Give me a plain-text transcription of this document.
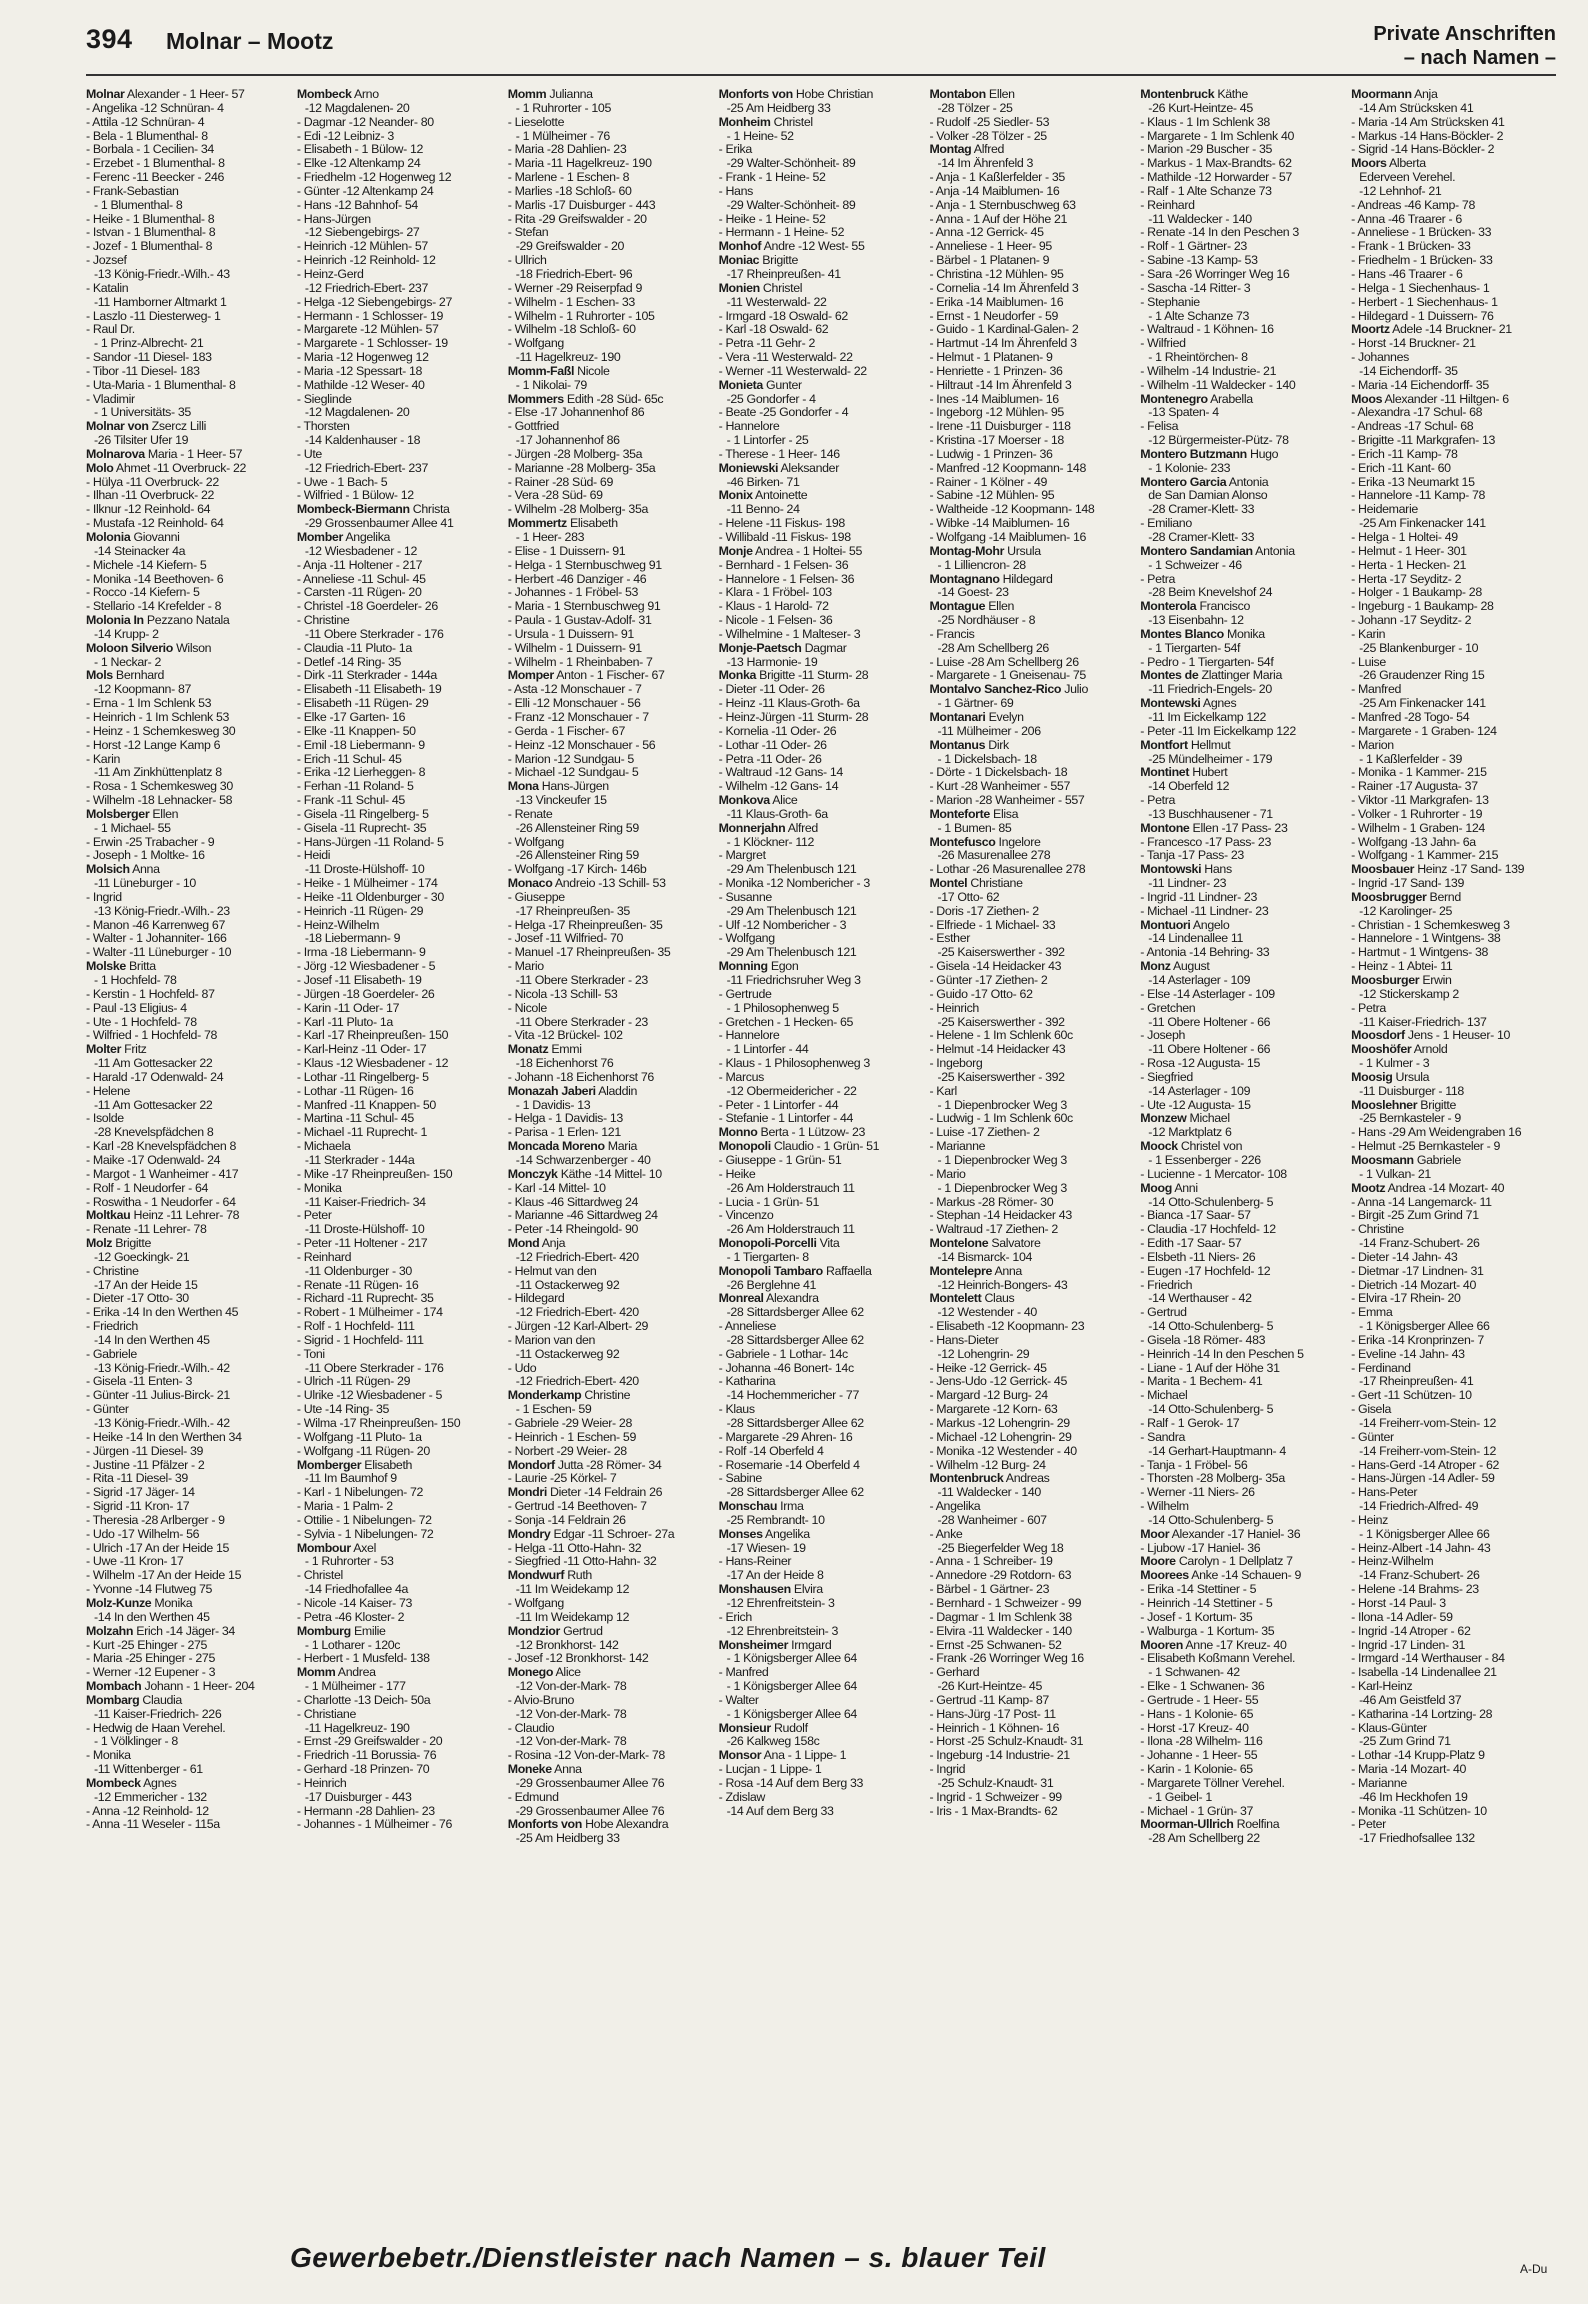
394 Molnar – Mootz	Private Anschriften
– nach Namen –
Molnar Alexander - 1 Heer- 57
- Angelika -12 Schnüran- 4
- Attila -12 Schnüran- 4
- Bela - 1 Blumenthal- 8
- Borbala - 1 Cecilien- 34
- Erzebet - 1 Blumenthal- 8
- Ferenc -11 Beecker - 246
- Frank-Sebastian
- 1 Blumenthal- 8
- Heike - 1 Blumenthal- 8
- Istvan - 1 Blumenthal- 8
- Jozef - 1 Blumenthal- 8
- Jozsef
-13 König-Friedr.-Wilh.- 43
- Katalin
-11 Hamborner Altmarkt 1
- Laszlo -11 Diesterweg- 1
- Raul Dr.
- 1 Prinz-Albrecht- 21
- Sandor -11 Diesel- 183
- Tibor -11 Diesel- 183
- Uta-Maria - 1 Blumenthal- 8
- Vladimir
- 1 Universitäts- 35
Molnar von Zsercz Lilli
-26 Tilsiter Ufer 19
Molnarova Maria - 1 Heer- 57
Molo Ahmet -11 Overbruck- 22
- Hülya -11 Overbruck- 22
- Ilhan -11 Overbruck- 22
- Ilknur -12 Reinhold- 64
- Mustafa -12 Reinhold- 64
Molonia Giovanni
-14 Steinacker 4a
- Michele -14 Kiefern- 5
- Monika -14 Beethoven- 6
- Rocco -14 Kiefern- 5
- Stellario -14 Krefelder - 8
Molonia In Pezzano Natala
-14 Krupp- 2
Moloon Silverio Wilson
- 1 Neckar- 2
Mols Bernhard
-12 Koopmann- 87
- Erna - 1 Im Schlenk 53
- Heinrich - 1 Im Schlenk 53
- Heinz - 1 Schemkesweg 30
- Horst -12 Lange Kamp 6
- Karin
-11 Am Zinkhüttenplatz 8
- Rosa - 1 Schemkesweg 30
- Wilhelm -18 Lehnacker- 58
Molsberger Ellen
- 1 Michael- 55
- Erwin -25 Trabacher - 9
- Joseph - 1 Moltke- 16
Molsich Anna
-11 Lüneburger - 10
- Ingrid
-13 König-Friedr.-Wilh.- 23
- Manon -46 Karrenweg 67
- Walter - 1 Johanniter- 166
- Walter -11 Lüneburger - 10
Molske Britta
- 1 Hochfeld- 78
- Kerstin - 1 Hochfeld- 87
- Paul -13 Eligius- 4
- Ute - 1 Hochfeld- 78
- Wilfried - 1 Hochfeld- 78
Molter Fritz
-11 Am Gottesacker 22
- Harald -17 Odenwald- 24
- Helene
-11 Am Gottesacker 22
- Isolde
-28 Knevelspfädchen 8
- Karl -28 Knevelspfädchen 8
- Maike -17 Odenwald- 24
- Margot - 1 Wanheimer - 417
- Rolf - 1 Neudorfer - 64
- Roswitha - 1 Neudorfer - 64
Moltkau Heinz -11 Lehrer- 78
- Renate -11 Lehrer- 78
Molz Brigitte
-12 Goeckingk- 21
- Christine
-17 An der Heide 15
- Dieter -17 Otto- 30
- Erika -14 In den Werthen 45
- Friedrich
-14 In den Werthen 45
- Gabriele
-13 König-Friedr.-Wilh.- 42
- Gisela -11 Enten- 3
- Günter -11 Julius-Birck- 21
- Günter
-13 König-Friedr.-Wilh.- 42
- Heike -14 In den Werthen 34
- Jürgen -11 Diesel- 39
- Justine -11 Pfälzer - 2
- Rita -11 Diesel- 39
- Sigrid -17 Jäger- 14
- Sigrid -11 Kron- 17
- Theresia -28 Arlberger - 9
- Udo -17 Wilhelm- 56
- Ulrich -17 An der Heide 15
- Uwe -11 Kron- 17
- Wilhelm -17 An der Heide 15
- Yvonne -14 Flutweg 75
Molz-Kunze Monika
-14 In den Werthen 45
Molzahn Erich -14 Jäger- 34
- Kurt -25 Ehinger - 275
- Maria -25 Ehinger - 275
- Werner -12 Eupener - 3
Mombach Johann - 1 Heer- 204
Mombarg Claudia
-11 Kaiser-Friedrich- 226
- Hedwig de Haan Verehel.
- 1 Völklinger - 8
- Monika
-11 Wittenberger - 61
Mombeck Agnes
-12 Emmericher - 132
- Anna -12 Reinhold- 12
- Anna -11 Weseler - 115a
Mombeck Arno
-12 Magdalenen- 20
- Dagmar -12 Neander- 80
- Edi -12 Leibniz- 3
- Elisabeth - 1 Bülow- 12
- Elke -12 Altenkamp 24
- Friedhelm -12 Hogenweg 12
- Günter -12 Altenkamp 24
- Hans -12 Bahnhof- 54
- Hans-Jürgen
-12 Siebengebirgs- 27
- Heinrich -12 Mühlen- 57
- Heinrich -12 Reinhold- 12
- Heinz-Gerd
-12 Friedrich-Ebert- 237
- Helga -12 Siebengebirgs- 27
- Hermann - 1 Schlosser- 19
- Margarete -12 Mühlen- 57
- Margarete - 1 Schlosser- 19
- Maria -12 Hogenweg 12
- Maria -12 Spessart- 18
- Mathilde -12 Weser- 40
- Sieglinde
-12 Magdalenen- 20
- Thorsten
-14 Kaldenhauser - 18
- Ute
-12 Friedrich-Ebert- 237
- Uwe - 1 Bach- 5
- Wilfried - 1 Bülow- 12
Mombeck-Biermann Christa
-29 Grossenbaumer Allee 41
Momber Angelika
-12 Wiesbadener - 12
- Anja -11 Holtener - 217
- Anneliese -11 Schul- 45
- Carsten -11 Rügen- 20
- Christel -18 Goerdeler- 26
- Christine
-11 Obere Sterkrader - 176
- Claudia -11 Pluto- 1a
- Detlef -14 Ring- 35
- Dirk -11 Sterkrader - 144a
- Elisabeth -11 Elisabeth- 19
- Elisabeth -11 Rügen- 29
- Elke -17 Garten- 16
- Elke -11 Knappen- 50
- Emil -18 Liebermann- 9
- Erich -11 Schul- 45
- Erika -12 Lierheggen- 8
- Ferhan -11 Roland- 5
- Frank -11 Schul- 45
- Gisela -11 Ringelberg- 5
- Gisela -11 Ruprecht- 35
- Hans-Jürgen -11 Roland- 5
- Heidi
-11 Droste-Hülshoff- 10
- Heike - 1 Mülheimer - 174
- Heike -11 Oldenburger - 30
- Heinrich -11 Rügen- 29
- Heinz-Wilhelm
-18 Liebermann- 9
- Irma -18 Liebermann- 9
- Jörg -12 Wiesbadener - 5
- Josef -11 Elisabeth- 19
- Jürgen -18 Goerdeler- 26
- Karin -11 Oder- 17
- Karl -11 Pluto- 1a
- Karl -17 Rheinpreußen- 150
- Karl-Heinz -11 Oder- 17
- Klaus -12 Wiesbadener - 12
- Lothar -11 Ringelberg- 5
- Lothar -11 Rügen- 16
- Manfred -11 Knappen- 50
- Martina -11 Schul- 45
- Michael -11 Ruprecht- 1
- Michaela
-11 Sterkrader - 144a
- Mike -17 Rheinpreußen- 150
- Monika
-11 Kaiser-Friedrich- 34
- Peter
-11 Droste-Hülshoff- 10
- Peter -11 Holtener - 217
- Reinhard
-11 Oldenburger - 30
- Renate -11 Rügen- 16
- Richard -11 Ruprecht- 35
- Robert - 1 Mülheimer - 174
- Rolf - 1 Hochfeld- 111
- Sigrid - 1 Hochfeld- 111
- Toni
-11 Obere Sterkrader - 176
- Ulrich -11 Rügen- 29
- Ulrike -12 Wiesbadener - 5
- Ute -14 Ring- 35
- Wilma -17 Rheinpreußen- 150
- Wolfgang -11 Pluto- 1a
- Wolfgang -11 Rügen- 20
Momberger Elisabeth
-11 Im Baumhof 9
- Karl - 1 Nibelungen- 72
- Maria - 1 Palm- 2
- Ottilie - 1 Nibelungen- 72
- Sylvia - 1 Nibelungen- 72
Mombour Axel
- 1 Ruhrorter - 53
- Christel
-14 Friedhofallee 4a
- Nicole -14 Kaiser- 73
- Petra -46 Kloster- 2
Momburg Emilie
- 1 Lotharer - 120c
- Herbert - 1 Musfeld- 138
Momm Andrea
- 1 Mülheimer - 177
- Charlotte -13 Deich- 50a
- Christiane
-11 Hagelkreuz- 190
- Ernst -29 Greifswalder - 20
- Friedrich -11 Borussia- 76
- Gerhard -18 Prinzen- 70
- Heinrich
-17 Duisburger - 443
- Hermann -28 Dahlien- 23
- Johannes - 1 Mülheimer - 76
Momm Julianna
- 1 Ruhrorter - 105
- Lieselotte
- 1 Mülheimer - 76
- Maria -28 Dahlien- 23
- Maria -11 Hagelkreuz- 190
- Marlene - 1 Eschen- 8
- Marlies -18 Schloß- 60
- Marlis -17 Duisburger - 443
- Rita -29 Greifswalder - 20
- Stefan
-29 Greifswalder - 20
- Ullrich
-18 Friedrich-Ebert- 96
- Werner -29 Reiserpfad 9
- Wilhelm - 1 Eschen- 33
- Wilhelm - 1 Ruhrorter - 105
- Wilhelm -18 Schloß- 60
- Wolfgang
-11 Hagelkreuz- 190
Momm-Faßl Nicole
- 1 Nikolai- 79
Mommers Edith -28 Süd- 65c
- Else -17 Johannenhof 86
- Gottfried
-17 Johannenhof 86
- Jürgen -28 Molberg- 35a
- Marianne -28 Molberg- 35a
- Rainer -28 Süd- 69
- Vera -28 Süd- 69
- Wilhelm -28 Molberg- 35a
Mommertz Elisabeth
- 1 Heer- 283
- Elise - 1 Duissern- 91
- Helga - 1 Sternbuschweg 91
- Herbert -46 Danziger - 46
- Johannes - 1 Fröbel- 53
- Maria - 1 Sternbuschweg 91
- Paula - 1 Gustav-Adolf- 31
- Ursula - 1 Duissern- 91
- Wilhelm - 1 Duissern- 91
- Wilhelm - 1 Rheinbaben- 7
Momper Anton - 1 Fischer- 67
- Asta -12 Monschauer - 7
- Elli -12 Monschauer - 56
- Franz -12 Monschauer - 7
- Gerda - 1 Fischer- 67
- Heinz -12 Monschauer - 56
- Marion -12 Sundgau- 5
- Michael -12 Sundgau- 5
Mona Hans-Jürgen
-13 Vinckeufer 15
- Renate
-26 Allensteiner Ring 59
- Wolfgang
-26 Allensteiner Ring 59
- Wolfgang -17 Kirch- 146b
Monaco Andreio -13 Schill- 53
- Giuseppe
-17 Rheinpreußen- 35
- Helga -17 Rheinpreußen- 35
- Josef -11 Wilfried- 70
- Manuel -17 Rheinpreußen- 35
- Mario
-11 Obere Sterkrader - 23
- Nicola -13 Schill- 53
- Nicole
-11 Obere Sterkrader - 23
- Vita -12 Brückel- 102
Monatz Emmi
-18 Eichenhorst 76
- Johann -18 Eichenhorst 76
Monazah Jaberi Aladdin
- 1 Davidis- 13
- Helga - 1 Davidis- 13
- Parisa - 1 Erlen- 121
Moncada Moreno Maria
-14 Schwarzenberger - 40
Monczyk Käthe -14 Mittel- 10
- Karl -14 Mittel- 10
- Klaus -46 Sittardweg 24
- Marianne -46 Sittardweg 24
- Peter -14 Rheingold- 90
Mond Anja
-12 Friedrich-Ebert- 420
- Helmut van den
-11 Ostackerweg 92
- Hildegard
-12 Friedrich-Ebert- 420
- Jürgen -12 Karl-Albert- 29
- Marion van den
-11 Ostackerweg 92
- Udo
-12 Friedrich-Ebert- 420
Monderkamp Christine
- 1 Eschen- 59
- Gabriele -29 Weier- 28
- Heinrich - 1 Eschen- 59
- Norbert -29 Weier- 28
Mondorf Jutta -28 Römer- 34
- Laurie -25 Körkel- 7
Mondri Dieter -14 Feldrain 26
- Gertrud -14 Beethoven- 7
- Sonja -14 Feldrain 26
Mondry Edgar -11 Schroer- 27a
- Helga -11 Otto-Hahn- 32
- Siegfried -11 Otto-Hahn- 32
Mondwurf Ruth
-11 Im Weidekamp 12
- Wolfgang
-11 Im Weidekamp 12
Mondzior Gertrud
-12 Bronkhorst- 142
- Josef -12 Bronkhorst- 142
Monego Alice
-12 Von-der-Mark- 78
- Alvio-Bruno
-12 Von-der-Mark- 78
- Claudio
-12 Von-der-Mark- 78
- Rosina -12 Von-der-Mark- 78
Moneke Anna
-29 Grossenbaumer Allee 76
- Edmund
-29 Grossenbaumer Allee 76
Monforts von Hobe Alexandra
-25 Am Heidberg 33
Monforts von Hobe Christian
-25 Am Heidberg 33
Monheim Christel
- 1 Heine- 52
- Erika
-29 Walter-Schönheit- 89
- Frank - 1 Heine- 52
- Hans
-29 Walter-Schönheit- 89
- Heike - 1 Heine- 52
- Hermann - 1 Heine- 52
Monhof Andre -12 West- 55
Moniac Brigitte
-17 Rheinpreußen- 41
Monien Christel
-11 Westerwald- 22
- Irmgard -18 Oswald- 62
- Karl -18 Oswald- 62
- Petra -11 Gehr- 2
- Vera -11 Westerwald- 22
- Werner -11 Westerwald- 22
Monieta Gunter
-25 Gondorfer - 4
- Beate -25 Gondorfer - 4
- Hannelore
- 1 Lintorfer - 25
- Therese - 1 Heer- 146
Moniewski Aleksander
-46 Birken- 71
Monix Antoinette
-11 Benno- 24
- Helene -11 Fiskus- 198
- Willibald -11 Fiskus- 198
Monje Andrea - 1 Holtei- 55
- Bernhard - 1 Felsen- 36
- Hannelore - 1 Felsen- 36
- Klara - 1 Fröbel- 103
- Klaus - 1 Harold- 72
- Nicole - 1 Felsen- 36
- Wilhelmine - 1 Malteser- 3
Monje-Paetsch Dagmar
-13 Harmonie- 19
Monka Brigitte -11 Sturm- 28
- Dieter -11 Oder- 26
- Heinz -11 Klaus-Groth- 6a
- Heinz-Jürgen -11 Sturm- 28
- Kornelia -11 Oder- 26
- Lothar -11 Oder- 26
- Petra -11 Oder- 26
- Waltraud -12 Gans- 14
- Wilhelm -12 Gans- 14
Monkova Alice
-11 Klaus-Groth- 6a
Monnerjahn Alfred
- 1 Klöckner- 112
- Margret
-29 Am Thelenbusch 121
- Monika -12 Nombericher - 3
- Susanne
-29 Am Thelenbusch 121
- Ulf -12 Nombericher - 3
- Wolfgang
-29 Am Thelenbusch 121
Monning Egon
-11 Friedrichsruher Weg 3
- Gertrude
- 1 Philosophenweg 5
- Gretchen - 1 Hecken- 65
- Hannelore
- 1 Lintorfer - 44
- Klaus - 1 Philosophenweg 3
- Marcus
-12 Obermeidericher - 22
- Peter - 1 Lintorfer - 44
- Stefanie - 1 Lintorfer - 44
Monno Berta - 1 Lützow- 23
Monopoli Claudio - 1 Grün- 51
- Giuseppe - 1 Grün- 51
- Heike
-26 Am Holderstrauch 11
- Lucia - 1 Grün- 51
- Vincenzo
-26 Am Holderstrauch 11
Monopoli-Porcelli Vita
- 1 Tiergarten- 8
Monopoli Tambaro Raffaella
-26 Berglehne 41
Monreal Alexandra
-28 Sittardsberger Allee 62
- Anneliese
-28 Sittardsberger Allee 62
- Gabriele - 1 Lothar- 14c
- Johanna -46 Bonert- 14c
- Katharina
-14 Hochemmericher - 77
- Klaus
-28 Sittardsberger Allee 62
- Margarete -29 Ahren- 16
- Rolf -14 Oberfeld 4
- Rosemarie -14 Oberfeld 4
- Sabine
-28 Sittardsberger Allee 62
Monschau Irma
-25 Rembrandt- 10
Monses Angelika
-17 Wiesen- 19
- Hans-Reiner
-17 An der Heide 8
Monshausen Elvira
-12 Ehrenfreitstein- 3
- Erich
-12 Ehrenbreitstein- 3
Monsheimer Irmgard
- 1 Königsberger Allee 64
- Manfred
- 1 Königsberger Allee 64
- Walter
- 1 Königsberger Allee 64
Monsieur Rudolf
-26 Kalkweg 158c
Monsor Ana - 1 Lippe- 1
- Lucjan - 1 Lippe- 1
- Rosa -14 Auf dem Berg 33
- Zdislaw
-14 Auf dem Berg 33
Montabon Ellen
-28 Tölzer - 25
- Rudolf -25 Siedler- 53
- Volker -28 Tölzer - 25
Montag Alfred
-14 Im Ährenfeld 3
- Anja - 1 Kaßlerfelder - 35
- Anja -14 Maiblumen- 16
- Anja - 1 Sternbuschweg 63
- Anna - 1 Auf der Höhe 21
- Anna -12 Gerrick- 45
- Anneliese - 1 Heer- 95
- Bärbel - 1 Platanen- 9
- Christina -12 Mühlen- 95
- Cornelia -14 Im Ährenfeld 3
- Erika -14 Maiblumen- 16
- Ernst - 1 Neudorfer - 59
- Guido - 1 Kardinal-Galen- 2
- Hartmut -14 Im Ährenfeld 3
- Helmut - 1 Platanen- 9
- Henriette - 1 Prinzen- 36
- Hiltraut -14 Im Ährenfeld 3
- Ines -14 Maiblumen- 16
- Ingeborg -12 Mühlen- 95
- Irene -11 Duisburger - 118
- Kristina -17 Moerser - 18
- Ludwig - 1 Prinzen- 36
- Manfred -12 Koopmann- 148
- Rainer - 1 Kölner - 49
- Sabine -12 Mühlen- 95
- Waltheide -12 Koopmann- 148
- Wibke -14 Maiblumen- 16
- Wolfgang -14 Maiblumen- 16
Montag-Mohr Ursula
- 1 Lilliencron- 28
Montagnano Hildegard
-14 Goest- 23
Montague Ellen
-25 Nordhäuser - 8
- Francis
-28 Am Schellberg 26
- Luise -28 Am Schellberg 26
- Margarete - 1 Gneisenau- 75
Montalvo Sanchez-Rico Julio
- 1 Gärtner- 69
Montanari Evelyn
-11 Mülheimer - 206
Montanus Dirk
- 1 Dickelsbach- 18
- Dörte - 1 Dickelsbach- 18
- Kurt -28 Wanheimer - 557
- Marion -28 Wanheimer - 557
Monteforte Elisa
- 1 Bumen- 85
Montefusco Ingelore
-26 Masurenallee 278
- Lothar -26 Masurenallee 278
Montel Christiane
-17 Otto- 62
- Doris -17 Ziethen- 2
- Elfriede - 1 Michael- 33
- Esther
-25 Kaiserswerther - 392
- Gisela -14 Heidacker 43
- Günter -17 Ziethen- 2
- Guido -17 Otto- 62
- Heinrich
-25 Kaiserswerther - 392
- Helene - 1 Im Schlenk 60c
- Helmut -14 Heidacker 43
- Ingeborg
-25 Kaiserswerther - 392
- Karl
- 1 Diepenbrocker Weg 3
- Ludwig - 1 Im Schlenk 60c
- Luise -17 Ziethen- 2
- Marianne
- 1 Diepenbrocker Weg 3
- Mario
- 1 Diepenbrocker Weg 3
- Markus -28 Römer- 30
- Stephan -14 Heidacker 43
- Waltraud -17 Ziethen- 2
Montelone Salvatore
-14 Bismarck- 104
Montelepre Anna
-12 Heinrich-Bongers- 43
Montelett Claus
-12 Westender - 40
- Elisabeth -12 Koopmann- 23
- Hans-Dieter
-12 Lohengrin- 29
- Heike -12 Gerrick- 45
- Jens-Udo -12 Gerrick- 45
- Margard -12 Burg- 24
- Margarete -12 Korn- 63
- Markus -12 Lohengrin- 29
- Michael -12 Lohengrin- 29
- Monika -12 Westender - 40
- Wilhelm -12 Burg- 24
Montenbruck Andreas
-11 Waldecker - 140
- Angelika
-28 Wanheimer - 607
- Anke
-25 Biegerfelder Weg 18
- Anna - 1 Schreiber- 19
- Annedore -29 Rotdorn- 63
- Bärbel - 1 Gärtner- 23
- Bernhard - 1 Schweizer - 99
- Dagmar - 1 Im Schlenk 38
- Elvira -11 Waldecker - 140
- Ernst -25 Schwanen- 52
- Frank -26 Worringer Weg 16
- Gerhard
-26 Kurt-Heintze- 45
- Gertrud -11 Kamp- 87
- Hans-Jürg -17 Post- 11
- Heinrich - 1 Köhnen- 16
- Horst -25 Schulz-Knaudt- 31
- Ingeburg -14 Industrie- 21
- Ingrid
-25 Schulz-Knaudt- 31
- Ingrid - 1 Schweizer - 99
- Iris - 1 Max-Brandts- 62
Montenbruck Käthe
-26 Kurt-Heintze- 45
- Klaus - 1 Im Schlenk 38
- Margarete - 1 Im Schlenk 40
- Marion -29 Buscher - 35
- Markus - 1 Max-Brandts- 62
- Mathilde -12 Horwarder - 57
- Ralf - 1 Alte Schanze 73
- Reinhard
-11 Waldecker - 140
- Renate -14 In den Peschen 3
- Rolf - 1 Gärtner- 23
- Sabine -13 Kamp- 53
- Sara -26 Worringer Weg 16
- Sascha -14 Ritter- 3
- Stephanie
- 1 Alte Schanze 73
- Waltraud - 1 Köhnen- 16
- Wilfried
- 1 Rheintörchen- 8
- Wilhelm -14 Industrie- 21
- Wilhelm -11 Waldecker - 140
Montenegro Arabella
-13 Spaten- 4
- Felisa
-12 Bürgermeister-Pütz- 78
Montero Butzmann Hugo
- 1 Kolonie- 233
Montero Garcia Antonia
de San Damian Alonso
-28 Cramer-Klett- 33
- Emiliano
-28 Cramer-Klett- 33
Montero Sandamian Antonia
- 1 Schweizer - 46
- Petra
-28 Beim Knevelshof 24
Monterola Francisco
-13 Eisenbahn- 12
Montes Blanco Monika
- 1 Tiergarten- 54f
- Pedro - 1 Tiergarten- 54f
Montes de Zlattinger Maria
-11 Friedrich-Engels- 20
Montewski Agnes
-11 Im Eickelkamp 122
- Peter -11 Im Eickelkamp 122
Montfort Hellmut
-25 Mündelheimer - 179
Montinet Hubert
-14 Oberfeld 12
- Petra
-13 Buschhausener - 71
Montone Ellen -17 Pass- 23
- Francesco -17 Pass- 23
- Tanja -17 Pass- 23
Montowski Hans
-11 Lindner- 23
- Ingrid -11 Lindner- 23
- Michael -11 Lindner- 23
Montuori Angelo
-14 Lindenallee 11
- Antonia -14 Behring- 33
Monz August
-14 Asterlager - 109
- Else -14 Asterlager - 109
- Gretchen
-11 Obere Holtener - 66
- Joseph
-11 Obere Holtener - 66
- Rosa -12 Augusta- 15
- Siegfried
-14 Asterlager - 109
- Ute -12 Augusta- 15
Monzew Michael
-12 Marktplatz 6
Moock Christel von
- 1 Essenberger - 226
- Lucienne - 1 Mercator- 108
Moog Anni
-14 Otto-Schulenberg- 5
- Bianca -17 Saar- 57
- Claudia -17 Hochfeld- 12
- Edith -17 Saar- 57
- Elsbeth -11 Niers- 26
- Eugen -17 Hochfeld- 12
- Friedrich
-14 Werthauser - 42
- Gertrud
-14 Otto-Schulenberg- 5
- Gisela -18 Römer- 483
- Heinrich -14 In den Peschen 5
- Liane - 1 Auf der Höhe 31
- Marita - 1 Bechem- 41
- Michael
-14 Otto-Schulenberg- 5
- Ralf - 1 Gerok- 17
- Sandra
-14 Gerhart-Hauptmann- 4
- Tanja - 1 Fröbel- 56
- Thorsten -28 Molberg- 35a
- Werner -11 Niers- 26
- Wilhelm
-14 Otto-Schulenberg- 5
Moor Alexander -17 Haniel- 36
- Ljubow -17 Haniel- 36
Moore Carolyn - 1 Dellplatz 7
Moorees Anke -14 Schauen- 9
- Erika -14 Stettiner - 5
- Heinrich -14 Stettiner - 5
- Josef - 1 Kortum- 35
- Walburga - 1 Kortum- 35
Mooren Anne -17 Kreuz- 40
- Elisabeth Koßmann Verehel.
- 1 Schwanen- 42
- Elke - 1 Schwanen- 36
- Gertrude - 1 Heer- 55
- Hans - 1 Kolonie- 65
- Horst -17 Kreuz- 40
- Ilona -28 Wilhelm- 116
- Johanne - 1 Heer- 55
- Karin - 1 Kolonie- 65
- Margarete Töllner Verehel.
- 1 Geibel- 1
- Michael - 1 Grün- 37
Moorman-Ullrich Roelfina
-28 Am Schellberg 22
Moormann Anja
-14 Am Strücksken 41
- Maria -14 Am Strücksken 41
- Markus -14 Hans-Böckler- 2
- Sigrid -14 Hans-Böckler- 2
Moors Alberta
Ederveen Verehel.
-12 Lehnhof- 21
- Andreas -46 Kamp- 78
- Anna -46 Traarer - 6
- Anneliese - 1 Brücken- 33
- Frank - 1 Brücken- 33
- Friedhelm - 1 Brücken- 33
- Hans -46 Traarer - 6
- Helga - 1 Siechenhaus- 1
- Herbert - 1 Siechenhaus- 1
- Hildegard - 1 Duissern- 76
Moortz Adele -14 Bruckner- 21
- Horst -14 Bruckner- 21
- Johannes
-14 Eichendorff- 35
- Maria -14 Eichendorff- 35
Moos Alexander -11 Hiltgen- 6
- Alexandra -17 Schul- 68
- Andreas -17 Schul- 68
- Brigitte -11 Markgrafen- 13
- Erich -11 Kamp- 78
- Erich -11 Kant- 60
- Erika -13 Neumarkt 15
- Hannelore -11 Kamp- 78
- Heidemarie
-25 Am Finkenacker 141
- Helga - 1 Holtei- 49
- Helmut - 1 Heer- 301
- Herta - 1 Hecken- 21
- Herta -17 Seyditz- 2
- Holger - 1 Baukamp- 28
- Ingeburg - 1 Baukamp- 28
- Johann -17 Seyditz- 2
- Karin
-25 Blankenburger - 10
- Luise
-26 Graudenzer Ring 15
- Manfred
-25 Am Finkenacker 141
- Manfred -28 Togo- 54
- Margarete - 1 Graben- 124
- Marion
- 1 Kaßlerfelder - 39
- Monika - 1 Kammer- 215
- Rainer -17 Augusta- 37
- Viktor -11 Markgrafen- 13
- Volker - 1 Ruhrorter - 19
- Wilhelm - 1 Graben- 124
- Wolfgang -13 Jahn- 6a
- Wolfgang - 1 Kammer- 215
Moosbauer Heinz -17 Sand- 139
- Ingrid -17 Sand- 139
Moosbrugger Bernd
-12 Karolinger- 25
- Christian - 1 Schemkesweg 3
- Hannelore - 1 Wintgens- 38
- Hartmut - 1 Wintgens- 38
- Heinz - 1 Abtei- 11
Moosburger Erwin
-12 Stickerskamp 2
- Petra
-11 Kaiser-Friedrich- 137
Moosdorf Jens - 1 Heuser- 10
Mooshöfer Arnold
- 1 Kulmer - 3
Moosig Ursula
-11 Duisburger - 118
Mooslehner Brigitte
-25 Bernkasteler - 9
- Hans -29 Am Weidengraben 16
- Helmut -25 Bernkasteler - 9
Moosmann Gabriele
- 1 Vulkan- 21
Mootz Andrea -14 Mozart- 40
- Anna -14 Langemarck- 11
- Birgit -25 Zum Grind 71
- Christine
-14 Franz-Schubert- 26
- Dieter -14 Jahn- 43
- Dietmar -17 Lindnen- 31
- Dietrich -14 Mozart- 40
- Elvira -17 Rhein- 20
- Emma
- 1 Königsberger Allee 66
- Erika -14 Kronprinzen- 7
- Eveline -14 Jahn- 43
- Ferdinand
-17 Rheinpreußen- 41
- Gert -11 Schützen- 10
- Gisela
-14 Freiherr-vom-Stein- 12
- Günter
-14 Freiherr-vom-Stein- 12
- Hans-Gerd -14 Atroper - 62
- Hans-Jürgen -14 Adler- 59
- Hans-Peter
-14 Friedrich-Alfred- 49
- Heinz
- 1 Königsberger Allee 66
- Heinz-Albert -14 Jahn- 43
- Heinz-Wilhelm
-14 Franz-Schubert- 26
- Helene -14 Brahms- 23
- Horst -14 Paul- 3
- Ilona -14 Adler- 59
- Ingrid -14 Atroper - 62
- Ingrid -17 Linden- 31
- Irmgard -14 Werthauser - 84
- Isabella -14 Lindenallee 21
- Karl-Heinz
-46 Am Geistfeld 37
- Katharina -14 Lortzing- 28
- Klaus-Günter
-25 Zum Grind 71
- Lothar -14 Krupp-Platz 9
- Maria -14 Mozart- 40
- Marianne
-46 Im Heckhofen 19
- Monika -11 Schützen- 10
- Peter
-17 Friedhofsallee 132
Gewerbebetr./Dienstleister nach Namen – s. blauer Teil	A-Du
